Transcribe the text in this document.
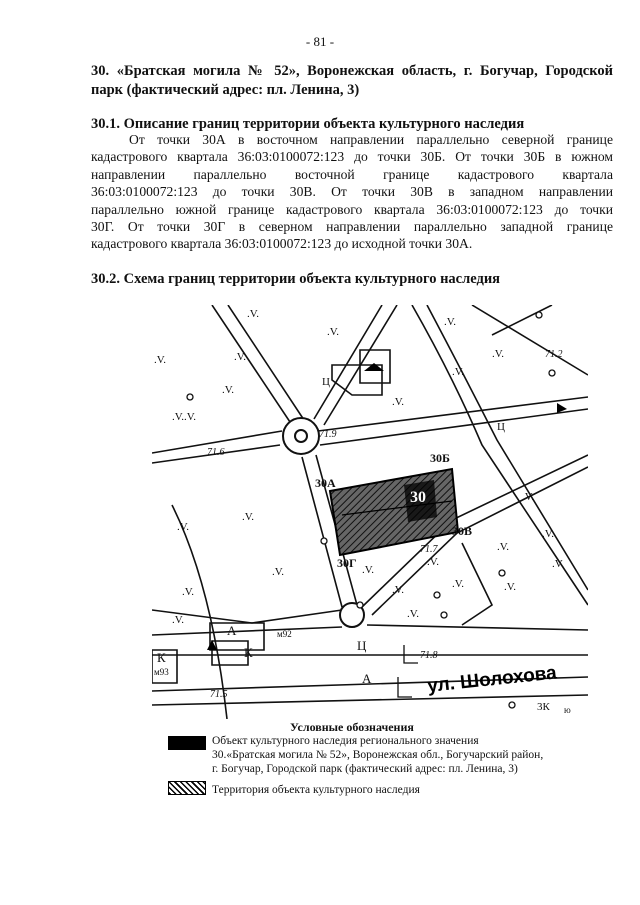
- 81 -
30. «Братская могила № 52», Воронежская область, г. Богучар, Городской
парк (фактический адрес: пл. Ленина, 3)
30.1. Описание границ территории объекта культурного наследия
От точки 30А в восточном направлении параллельно северной границе
кадастрового квартала 36:03:0100072:123 до точки 30Б. От точки 30Б в южном
направлении параллельно восточной границе кадастрового квартала
36:03:0100072:123 до точки 30В. От точки 30В в западном направлении
параллельно южной границе кадастрового квартала 36:03:0100072:123 до точки
30Г. От точки 30Г в северном направлении параллельно западной границе
кадастрового квартала 36:03:0100072:123 до исходной точки 30А.
30.2. Схема границ территории объекта культурного наследия
.V.
.V.
.V.
.V.
.V.
.V.
.V.
.V.
.V.
.V.
.V.
.V.
.V.
.V.
.V.
.V.
.V.
.V.
.V.
.V.
.V.
.V.	.V.
.V.
.V.
.V.
71.6
71.9
71.2
71.7
71.8
71.5
30А
30Б
30В
30Г
30
Ц
А
А
К
К
3К
Ц
Ц
м92
м93
ю
ул. Шолохова
Условные обозначения
Объект культурного наследия регионального значения
30.«Братская могила № 52», Воронежская обл., Богучарский район,
г. Богучар, Городской парк (фактический адрес: пл. Ленина, 3)
Территория объекта культурного наследия
